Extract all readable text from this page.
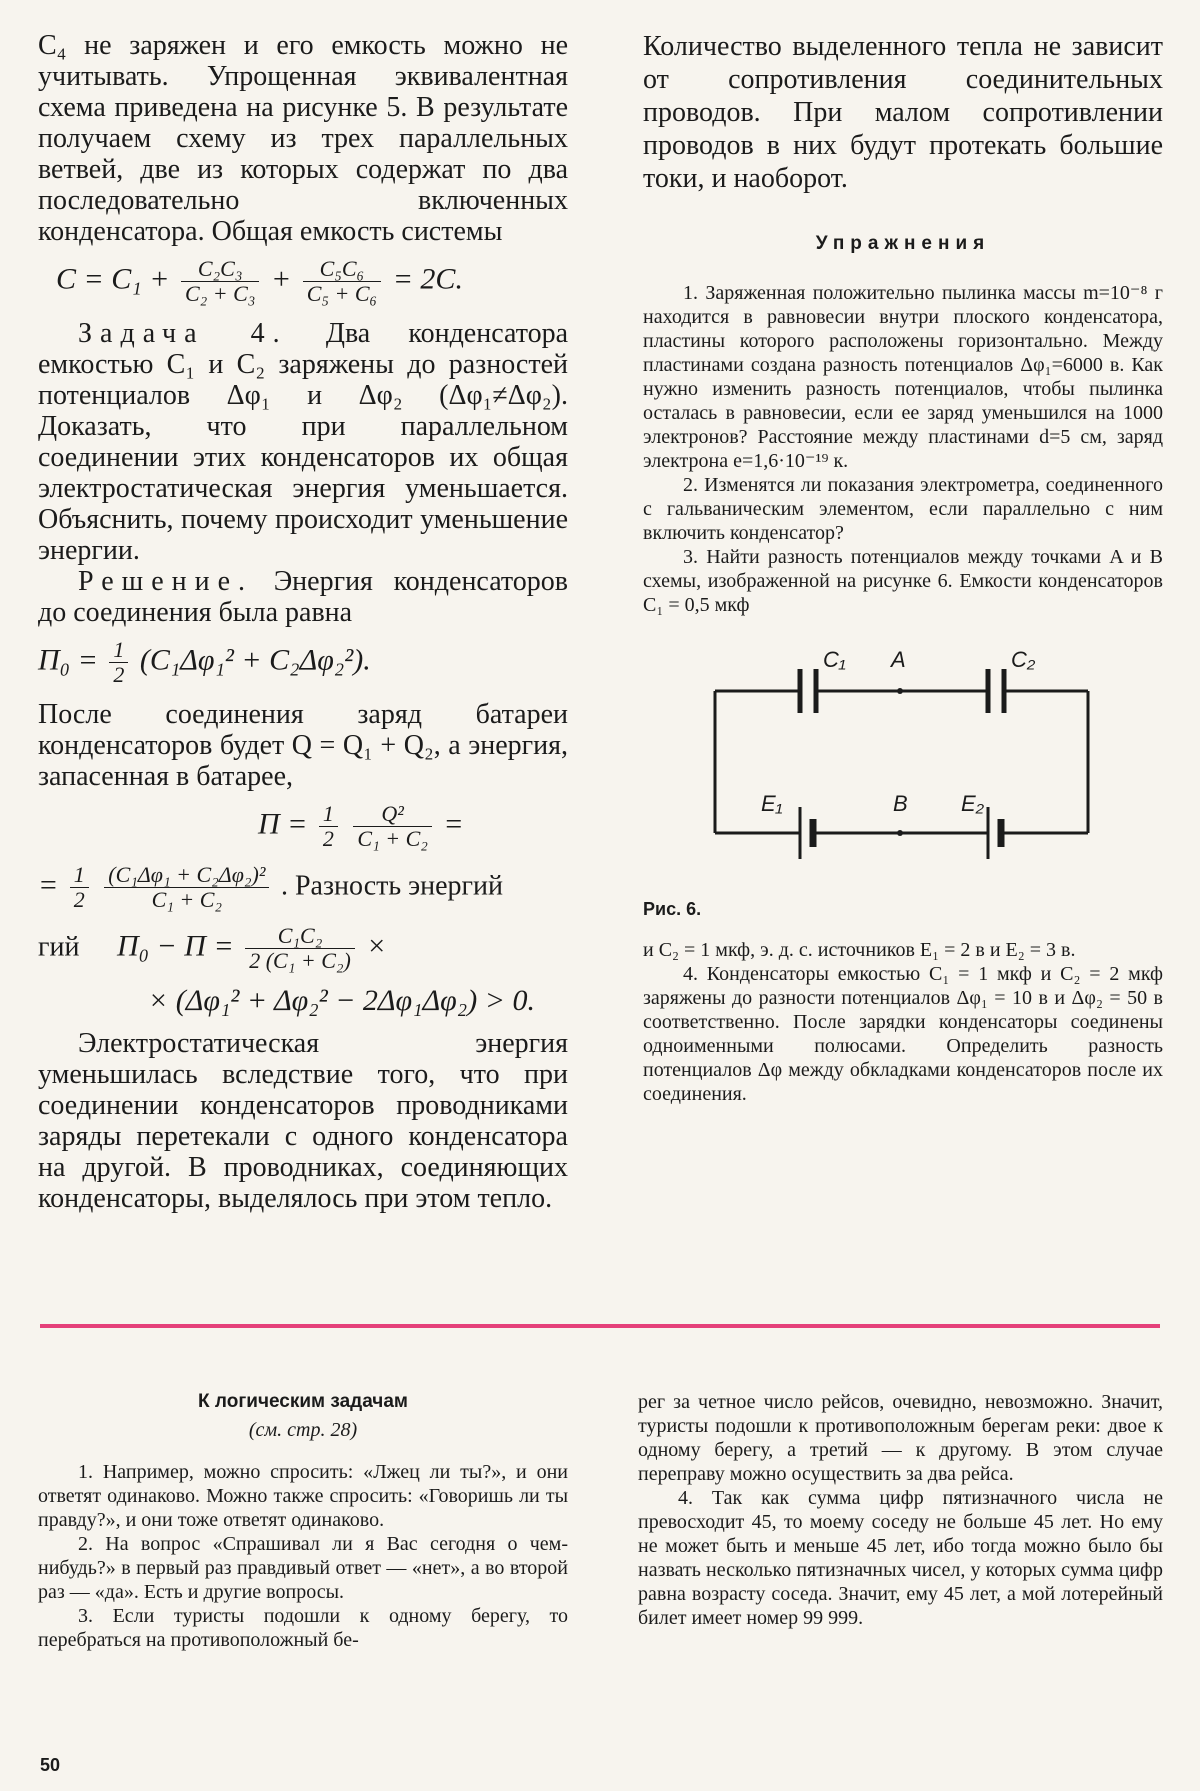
C₄ не заряжен и его емкость можно не учитывать. Упрощенная эквивалентная схема приведена на рисунке 5. В результате получаем схему из трех параллельных ветвей, две из которых содержат по два последовательно включенных конденсатора. Общая емкость системы

$C = C_1 + \frac{\text{C₂C₃}}{\text{C₂ + C₃}} + \frac{\text{C₅C₆}}{\text{C₅ + C₆}} = 2C$.

Задача 4. Два конденсатора емкостью C₁ и C₂ заряжены до разностей потенциалов Δφ₁ и Δφ₂ (Δφ₁≠Δφ₂). Доказать, что при параллельном соединении этих конденсаторов их общая электростатическая энергия уменьшается. Объяснить, почему происходит уменьшение энергии.

Решение. Энергия конденсаторов до соединения была равна

$П_0 = \frac{1}{2} (C_1\Delta\varphi_1^2 + C_2\Delta\varphi_2^2)$.

После соединения заряд батареи конденсаторов будет Q = Q₁ + Q₂, а энергия, запасенная в батарее,

$П = \frac{1}{2}$
$\frac{\text{Q²}}{\text{C₁ + C₂}}$ =
= $\frac{1}{2}$
$\frac{\text{(C₁Δφ₁ + C₂Δφ₂)²}}{\text{C₁ + C₂}}$ . Разность энергий
гий $П_0 - П = \frac{\text{C₁C₂}}{\text{2 (C₁ + C₂)}}$ ×
× (Δφ₁² + Δφ₂² − 2Δφ₁Δφ₂) > 0.

Электростатическая энергия уменьшилась вследствие того, что при соединении конденсаторов проводниками заряды перетекали с одного конденсатора на другой. В проводниках, соединяющих конденсаторы, выделялось при этом тепло.

Количество выделенного тепла не зависит от сопротивления соединительных проводов. При малом сопротивлении проводов в них будут протекать большие токи, и наоборот.

Упражнения

1. Заряженная положительно пылинка массы m=10⁻⁸ г находится в равновесии внутри плоского конденсатора, пластины которого расположены горизонтально. Между пластинами создана разность потенциалов Δφ₁=6000 в. Как нужно изменить разность потенциалов, чтобы пылинка осталась в равновесии, если ее заряд уменьшился на 1000 электронов? Расстояние между пластинами d=5 см, заряд электрона e=1,6·10⁻¹⁹ к.

2. Изменятся ли показания электрометра, соединенного с гальваническим элементом, если параллельно с ним включить конденсатор?

3. Найти разность потенциалов между точками A и B схемы, изображенной на рисунке 6. Емкости конденсаторов C₁ = 0,5 мкф

C₁ A	C₂
E₁	B E₂
Рис. 6.

и C₂ = 1 мкф, э. д. с. источников E₁ = 2 в и E₂ = 3 в.

4. Конденсаторы емкостью C₁ = 1 мкф и C₂ = 2 мкф заряжены до разности потенциалов Δφ₁ = 10 в и Δφ₂ = 50 в соответственно. После зарядки конденсаторы соединены одноименными полюсами. Определить разность потенциалов Δφ между обкладками конденсаторов после их соединения.

К логическим задачам
(см. стр. 28)

1. Например, можно спросить: «Лжец ли ты?», и они ответят одинаково. Можно также спросить: «Говоришь ли ты правду?», и они тоже ответят одинаково.

2. На вопрос «Спрашивал ли я Вас сегодня о чем-нибудь?» в первый раз правдивый ответ — «нет», а во второй раз — «да». Есть и другие вопросы.

3. Если туристы подошли к одному берегу, то перебраться на противоположный бе-

рег за четное число рейсов, очевидно, невозможно. Значит, туристы подошли к противоположным берегам реки: двое к одному берегу, а третий — к другому. В этом случае переправу можно осуществить за два рейса.

4. Так как сумма цифр пятизначного числа не превосходит 45, то моему соседу не больше 45 лет. Но ему не может быть и меньше 45 лет, ибо тогда можно было бы назвать несколько пятизначных чисел, у которых сумма цифр равна возрасту соседа. Значит, ему 45 лет, а мой лотерейный билет имеет номер 99 999.

50
